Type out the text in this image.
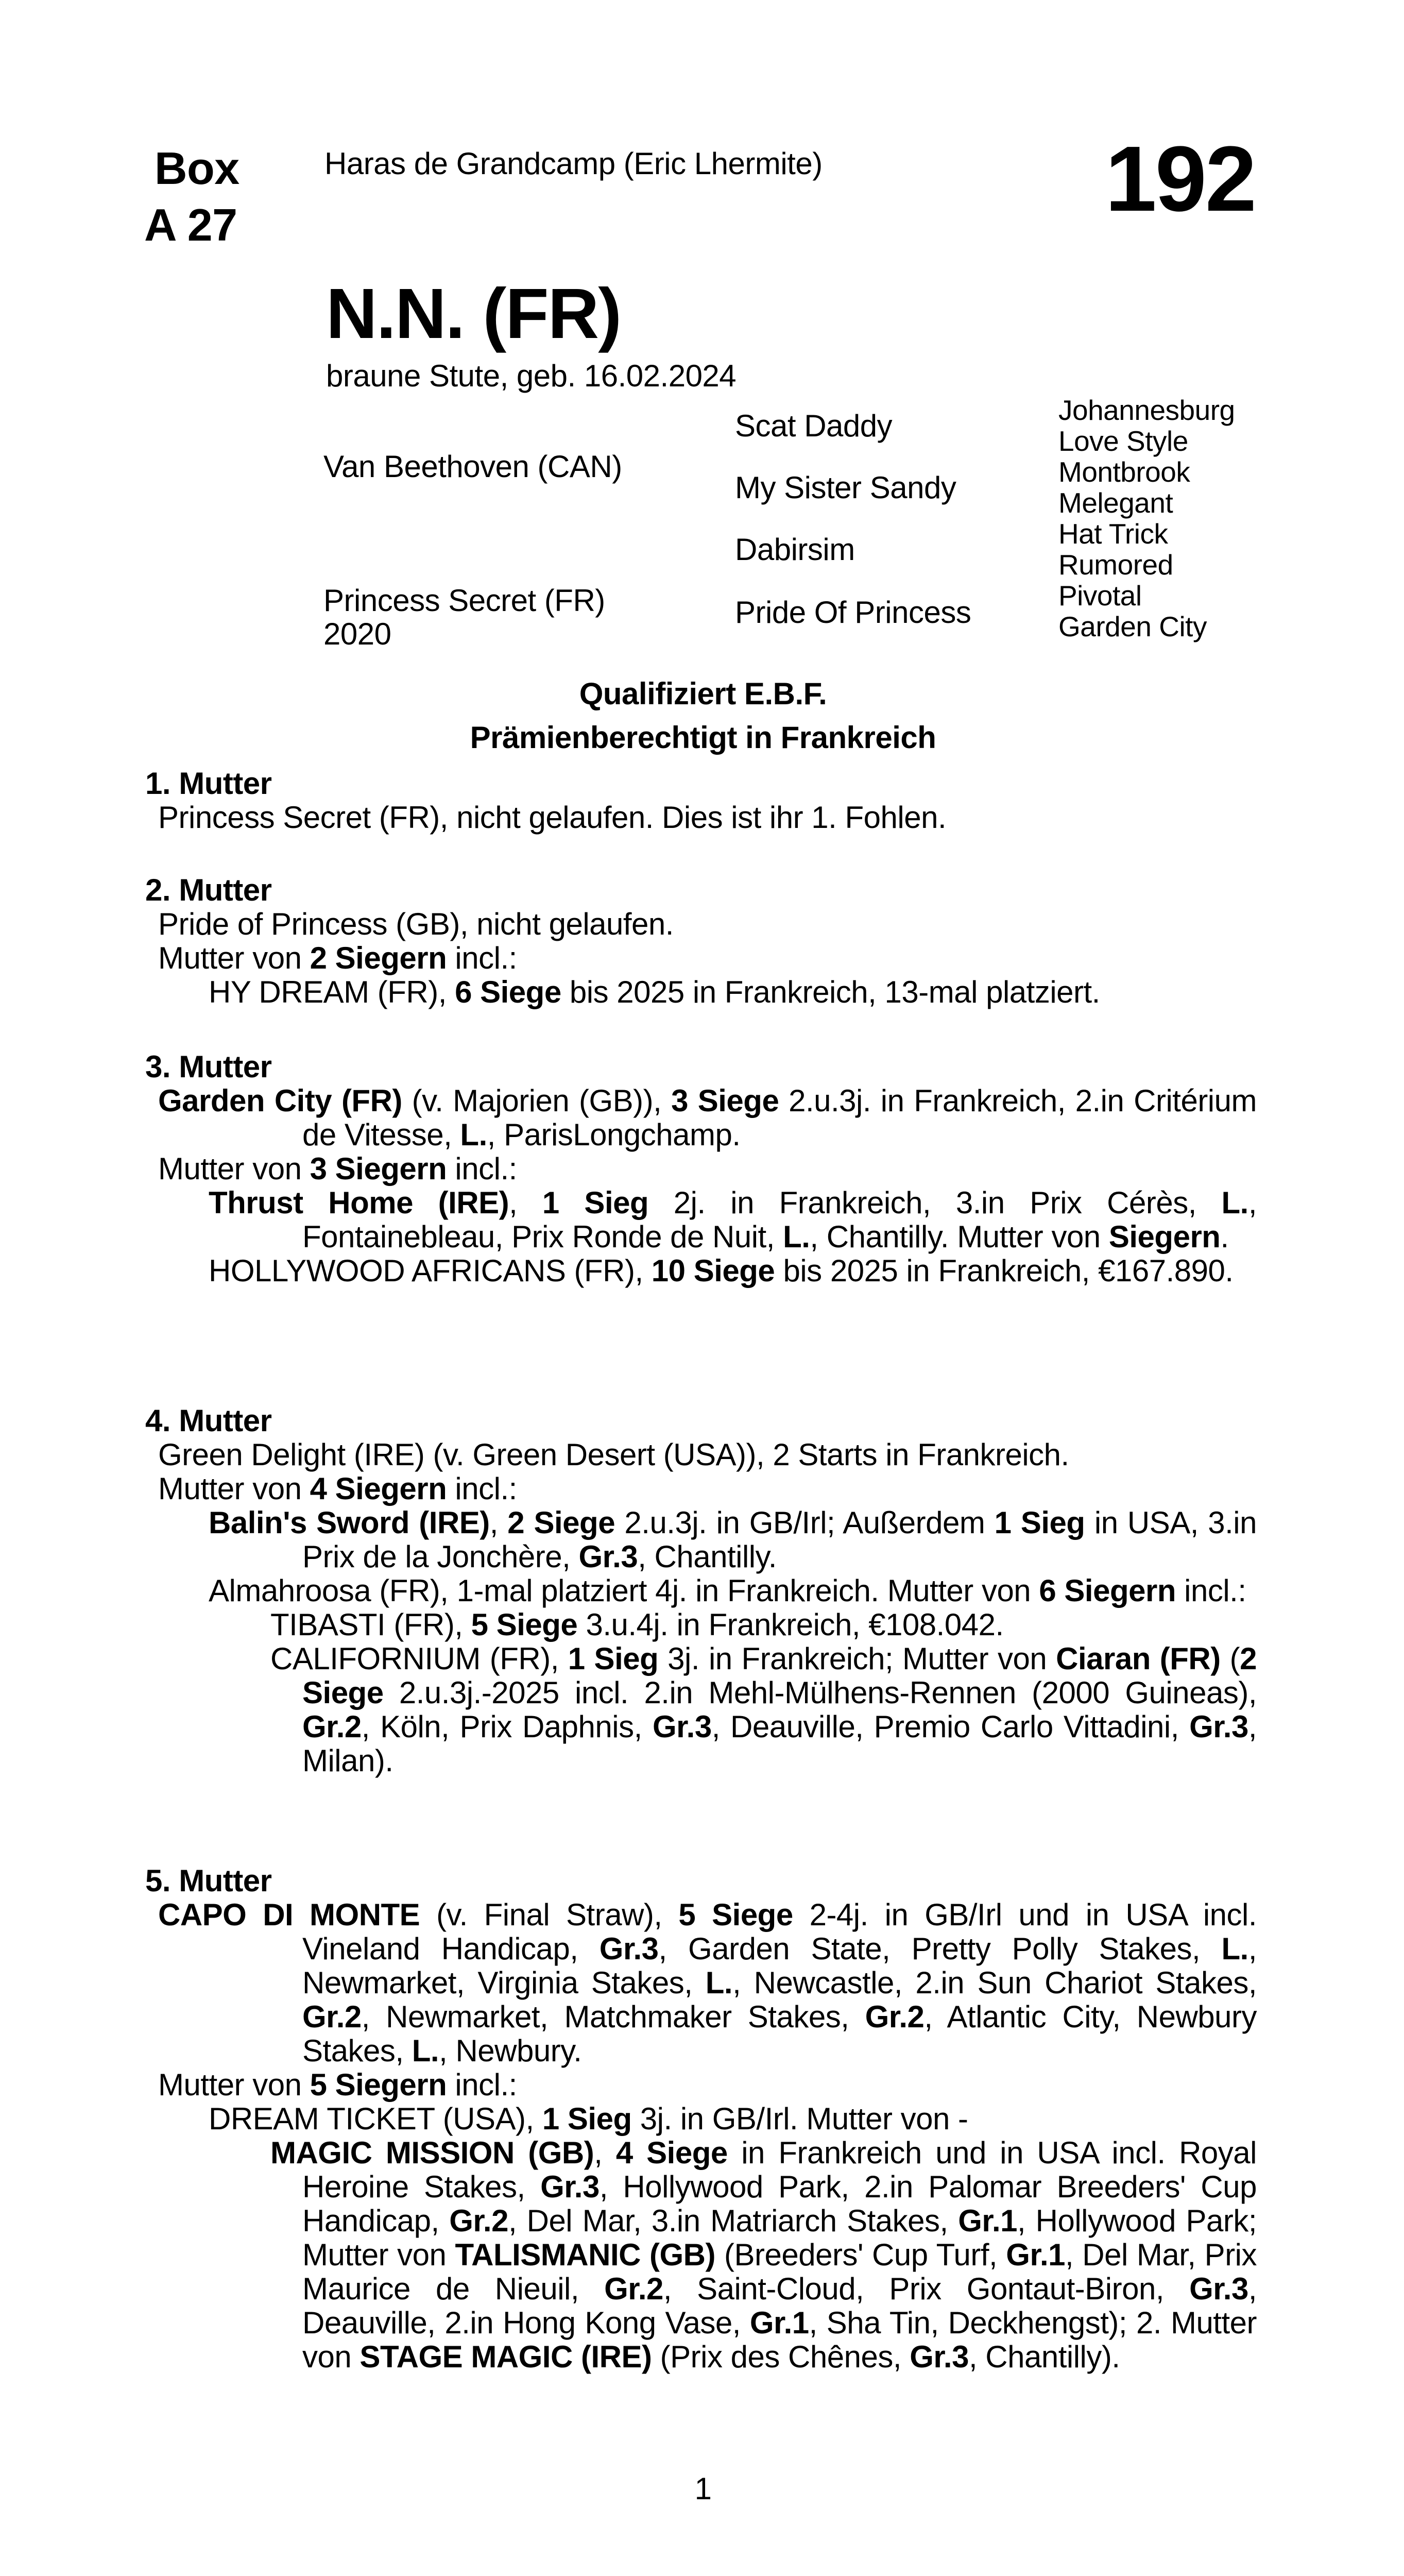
Box
A 27
Haras de Grandcamp (Eric Lhermite)	192
N.N. (FR)
braune Stute, geb. 16.02.2024
Van Beethoven (CAN)
Princess Secret (FR)
2020
Scat Daddy
My Sister Sandy
Dabirsim
Pride Of Princess
Johannesburg
Love Style
Montbrook
Melegant
Hat Trick
Rumored
Pivotal
Garden City
Qualifiziert E.B.F.
Prämienberechtigt in Frankreich
1. Mutter

Princess Secret (FR), nicht gelaufen. Dies ist ihr 1. Fohlen.

2. Mutter

Pride of Princess (GB), nicht gelaufen.

Mutter von 2 Siegern incl.:

HY DREAM (FR), 6 Siege bis 2025 in Frankreich, 13-mal platziert.

3. Mutter

Garden City (FR) (v. Majorien (GB)), 3 Siege 2.u.3j. in Frankreich, 2.in Critérium de Vitesse, L., ParisLongchamp.

Mutter von 3 Siegern incl.:

Thrust Home (IRE), 1 Sieg 2j. in Frankreich, 3.in Prix Cérès, L., Fontainebleau, Prix Ronde de Nuit, L., Chantilly. Mutter von Siegern.

HOLLYWOOD AFRICANS (FR), 10 Siege bis 2025 in Frankreich, €167.890.

4. Mutter

Green Delight (IRE) (v. Green Desert (USA)), 2 Starts in Frankreich.

Mutter von 4 Siegern incl.:

Balin's Sword (IRE), 2 Siege 2.u.3j. in GB/Irl; Außerdem 1 Sieg in USA, 3.in Prix de la Jonchère, Gr.3, Chantilly.

Almahroosa (FR), 1-mal platziert 4j. in Frankreich. Mutter von 6 Siegern incl.:

TIBASTI (FR), 5 Siege 3.u.4j. in Frankreich, €108.042.

CALIFORNIUM (FR), 1 Sieg 3j. in Frankreich; Mutter von Ciaran (FR) (2 Siege 2.u.3j.-2025 incl. 2.in Mehl-Mülhens-Rennen (2000 Guineas), Gr.2, Köln, Prix Daphnis, Gr.3, Deauville, Premio Carlo Vittadini, Gr.3, Milan).

5. Mutter

CAPO DI MONTE (v. Final Straw), 5 Siege 2-4j. in GB/Irl und in USA incl. Vineland Handicap, Gr.3, Garden State, Pretty Polly Stakes, L., Newmarket, Virginia Stakes, L., Newcastle, 2.in Sun Chariot Stakes, Gr.2, Newmarket, Matchmaker Stakes, Gr.2, Atlantic City, Newbury Stakes, L., Newbury.

Mutter von 5 Siegern incl.:

DREAM TICKET (USA), 1 Sieg 3j. in GB/Irl. Mutter von -

MAGIC MISSION (GB), 4 Siege in Frankreich und in USA incl. Royal Heroine Stakes, Gr.3, Hollywood Park, 2.in Palomar Breeders' Cup Handicap, Gr.2, Del Mar, 3.in Matriarch Stakes, Gr.1, Hollywood Park; Mutter von TALISMANIC (GB) (Breeders' Cup Turf, Gr.1, Del Mar, Prix Maurice de Nieuil, Gr.2, Saint-Cloud, Prix Gontaut-Biron, Gr.3, Deauville, 2.in Hong Kong Vase, Gr.1, Sha Tin, Deckhengst); 2. Mutter von STAGE MAGIC (IRE) (Prix des Chênes, Gr.3, Chantilly).

1
